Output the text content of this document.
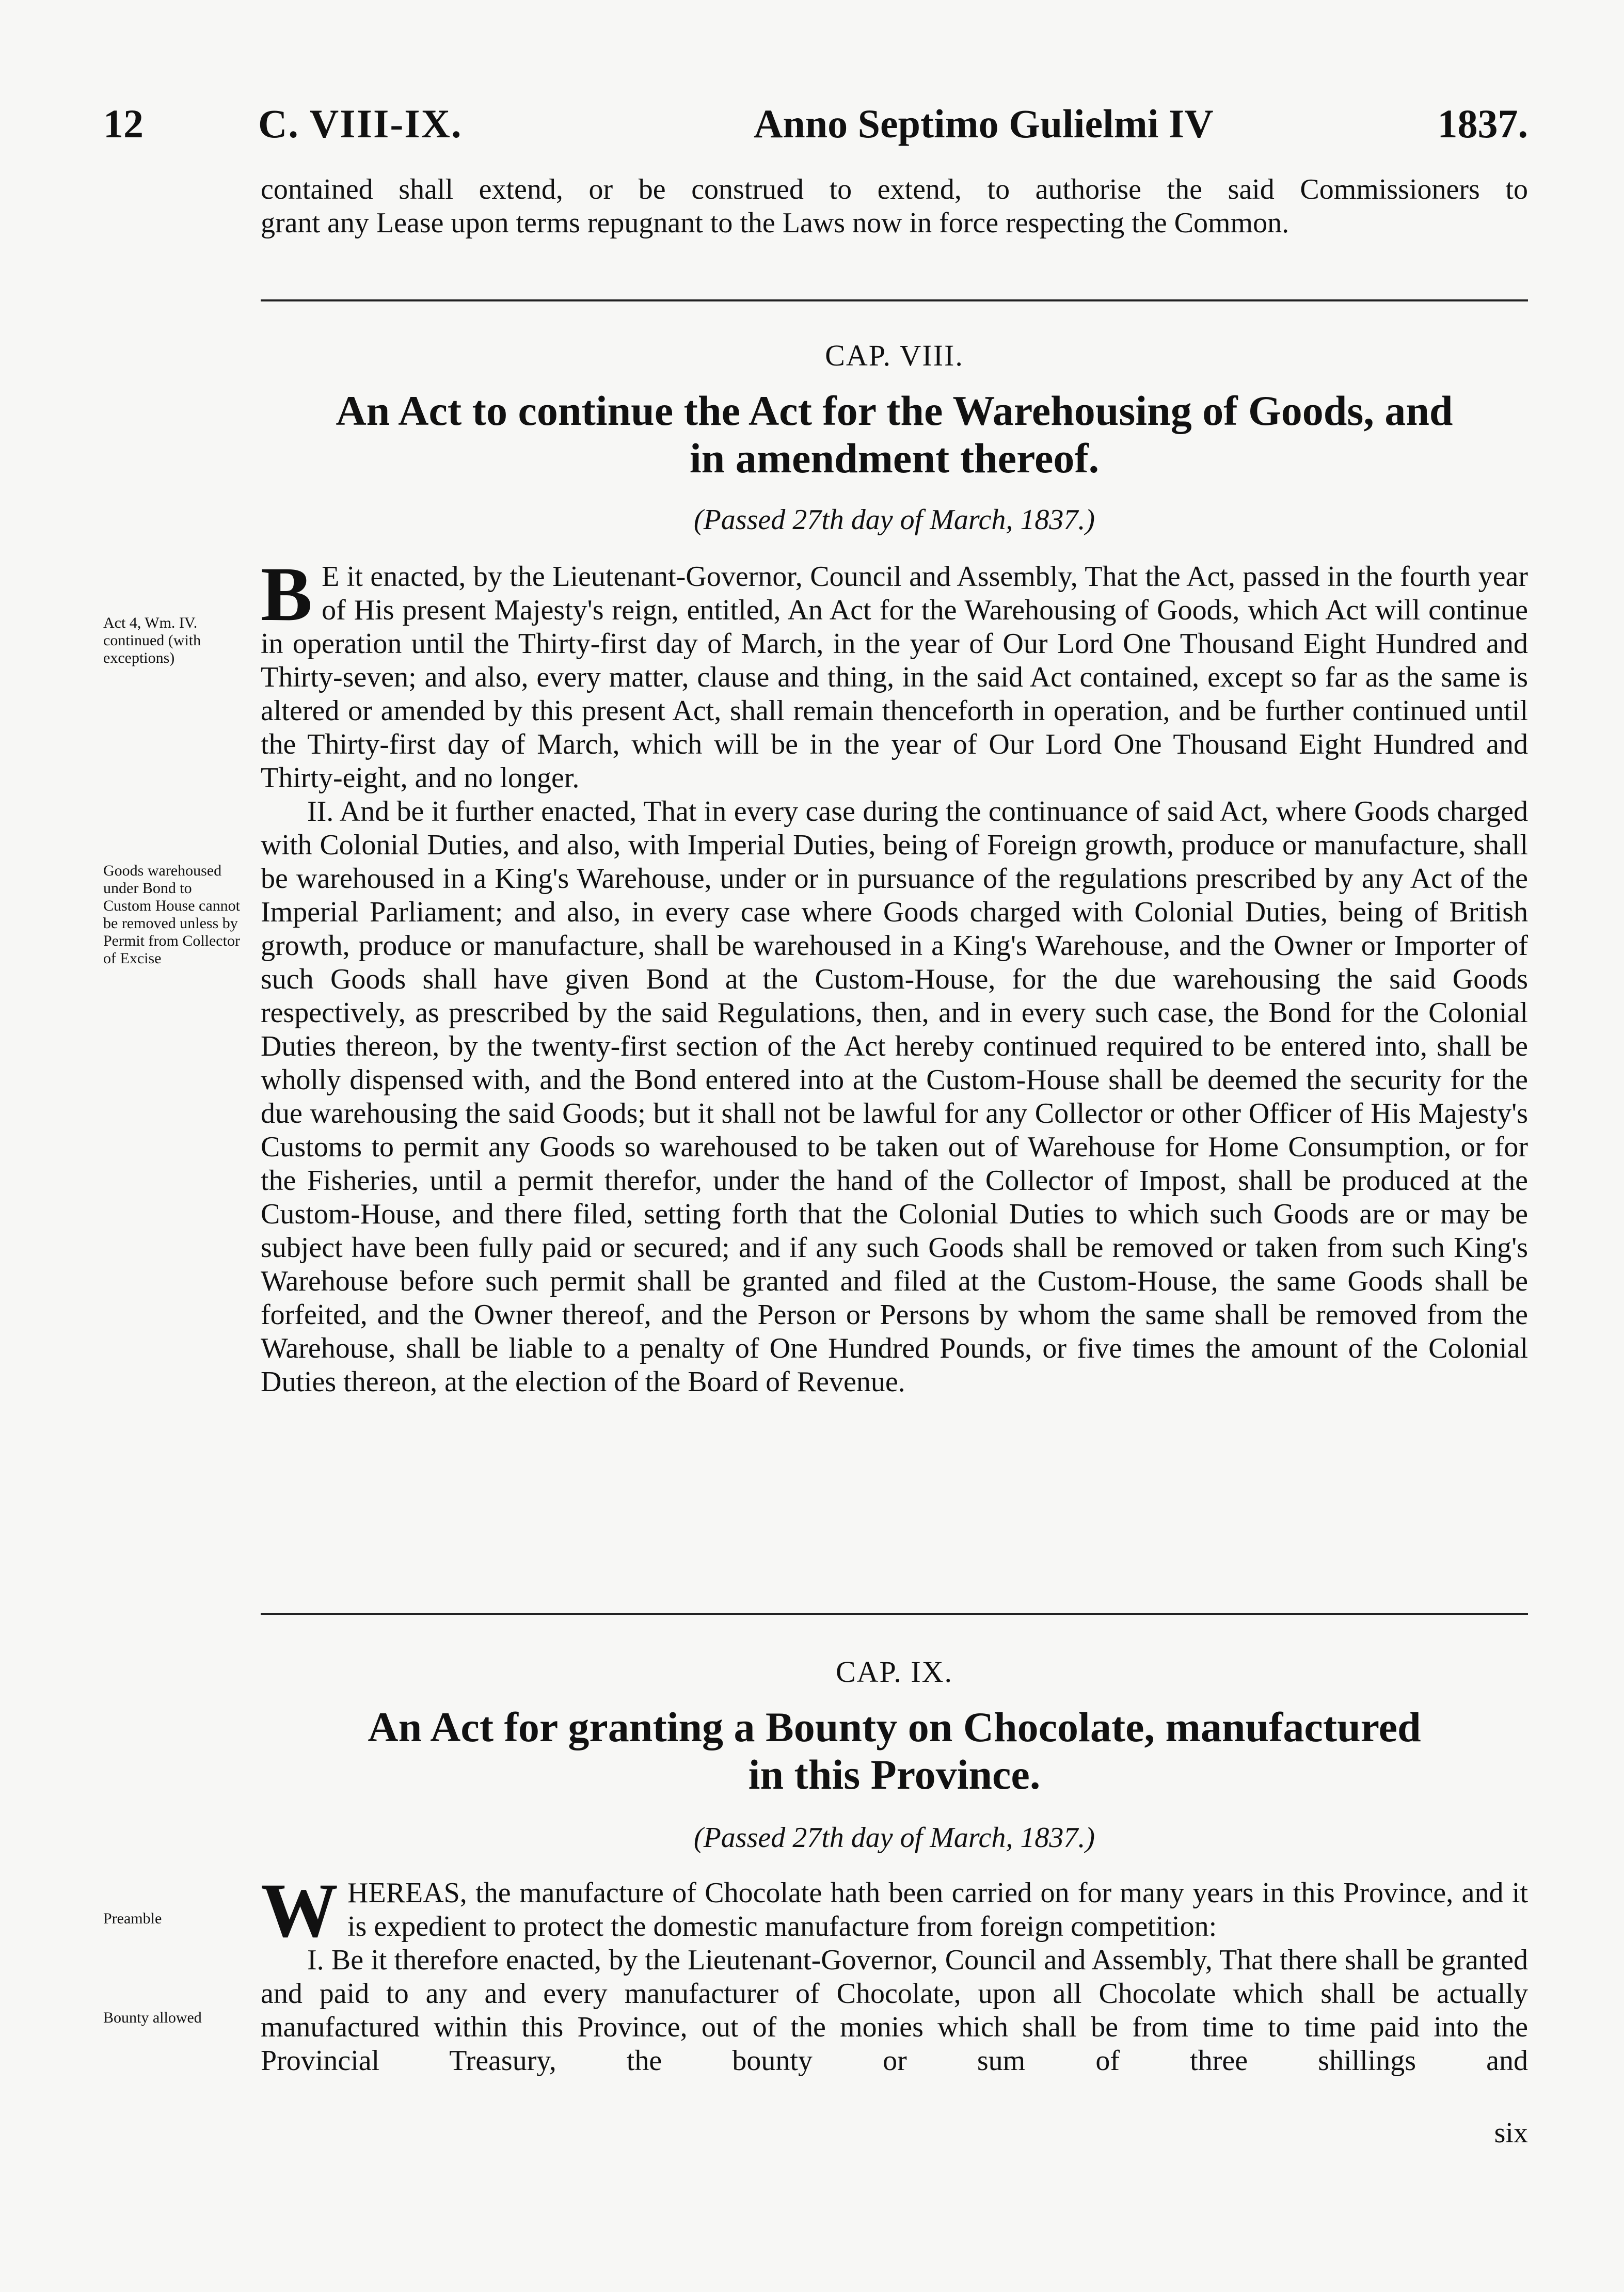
12	C. VIII-IX.	Anno Septimo Gulielmi IV	1837.

contained shall extend, or be construed to extend, to authorise the said Commissioners to

grant any Lease upon terms repugnant to the Laws now in force respecting the Common.

CAP. VIII.
An Act to continue the Act for the Warehousing of Goods, and
in amendment thereof.
(Passed 27th day of March, 1837.)
Act 4, Wm. IV. continued (with exceptions)
Goods warehoused under Bond to Custom House cannot be removed unless by Permit from Collector of Excise

B E it enacted, by the Lieutenant-Governor, Council and Assembly, That the Act, passed in the fourth year of His present Majesty's reign, entitled, An Act for the Warehousing of Goods, which Act will continue in operation until the Thirty-first day of March, in the year of Our Lord One Thousand Eight Hundred and Thirty-seven; and also, every matter, clause and thing, in the said Act contained, except so far as the same is altered or amended by this present Act, shall remain thenceforth in operation, and be further continued until the Thirty-first day of March, which will be in the year of Our Lord One Thousand Eight Hundred and Thirty-eight, and no longer.

II. And be it further enacted, That in every case during the continuance of said Act, where Goods charged with Colonial Duties, and also, with Imperial Duties, being of Foreign growth, produce or manufacture, shall be warehoused in a King's Warehouse, under or in pursuance of the regulations prescribed by any Act of the Imperial Parliament; and also, in every case where Goods charged with Colonial Duties, being of British growth, produce or manufacture, shall be warehoused in a King's Warehouse, and the Owner or Importer of such Goods shall have given Bond at the Custom-House, for the due warehousing the said Goods respectively, as prescribed by the said Regulations, then, and in every such case, the Bond for the Colonial Duties thereon, by the twenty-first section of the Act hereby continued required to be entered into, shall be wholly dispensed with, and the Bond entered into at the Custom-House shall be deemed the security for the due warehousing the said Goods; but it shall not be lawful for any Collector or other Officer of His Majesty's Customs to permit any Goods so warehoused to be taken out of Warehouse for Home Consumption, or for the Fisheries, until a permit therefor, under the hand of the Collector of Impost, shall be produced at the Custom-House, and there filed, setting forth that the Colonial Duties to which such Goods are or may be subject have been fully paid or secured; and if any such Goods shall be removed or taken from such King's Warehouse before such permit shall be granted and filed at the Custom-House, the same Goods shall be forfeited, and the Owner thereof, and the Person or Persons by whom the same shall be removed from the Warehouse, shall be liable to a penalty of One Hundred Pounds, or five times the amount of the Colonial Duties thereon, at the election of the Board of Revenue.

CAP. IX.
An Act for granting a Bounty on Chocolate, manufactured
in this Province.
(Passed 27th day of March, 1837.)
Preamble
Bounty allowed

WHEREAS, the manufacture of Chocolate hath been carried on for many years in this Province, and it is expedient to protect the domestic manufacture from foreign competition:

I. Be it therefore enacted, by the Lieutenant-Governor, Council and Assembly, That there shall be granted and paid to any and every manufacturer of Chocolate, upon all Chocolate which shall be actually manufactured within this Province, out of the monies which shall be from time to time paid into the Provincial Treasury, the bounty or sum of three shillings and

six
